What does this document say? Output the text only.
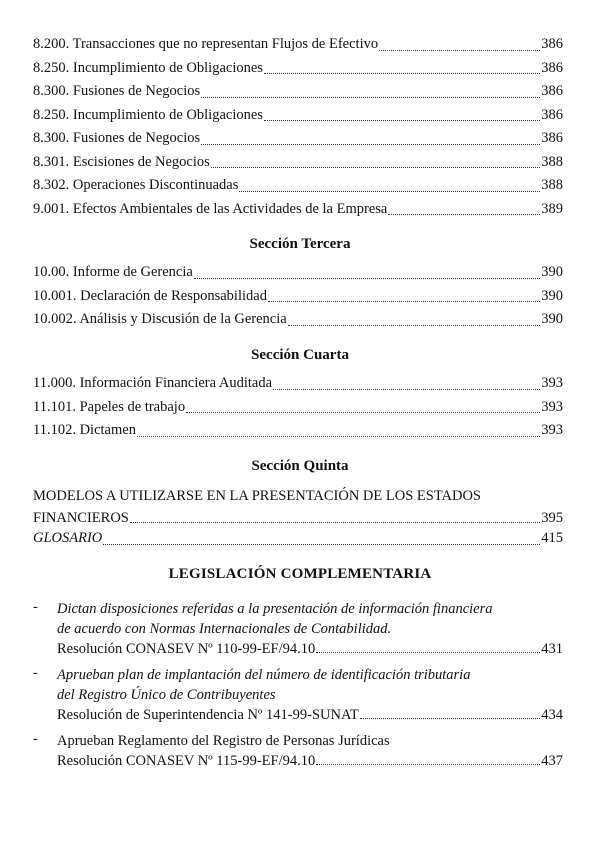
8.200. Transacciones que no representan Flujos de Efectivo	386
8.250. Incumplimiento de Obligaciones	386
8.300. Fusiones de Negocios	386
8.250. Incumplimiento de Obligaciones	386
8.300. Fusiones de Negocios	386
8.301. Escisiones de Negocios	388
8.302. Operaciones Discontinuadas	388
9.001. Efectos Ambientales de las Actividades de la Empresa	389
Sección Tercera
10.00. Informe de Gerencia	390
10.001. Declaración de Responsabilidad	390
10.002. Análisis y Discusión de la Gerencia	390
Sección Cuarta
11.000. Información Financiera Auditada	393
11.101. Papeles de trabajo	393
11.102. Dictamen	393
Sección Quinta
MODELOS A UTILIZARSE EN LA PRESENTACIÓN DE LOS ESTADOS
FINANCIEROS	395
GLOSARIO	415
LEGISLACIÓN COMPLEMENTARIA
- Dictan disposiciones referidas a la presentación de información financiera
de acuerdo con Normas Internacionales de Contabilidad.
Resolución CONASEV Nº 110-99-EF/94.10	431
- Aprueban plan de implantación del número de identificación tributaria
del Registro Único de Contribuyentes
Resolución de Superintendencia Nº 141-99-SUNAT	434
- Aprueban Reglamento del Registro de Personas Jurídicas
Resolución CONASEV Nº 115-99-EF/94.10	437
